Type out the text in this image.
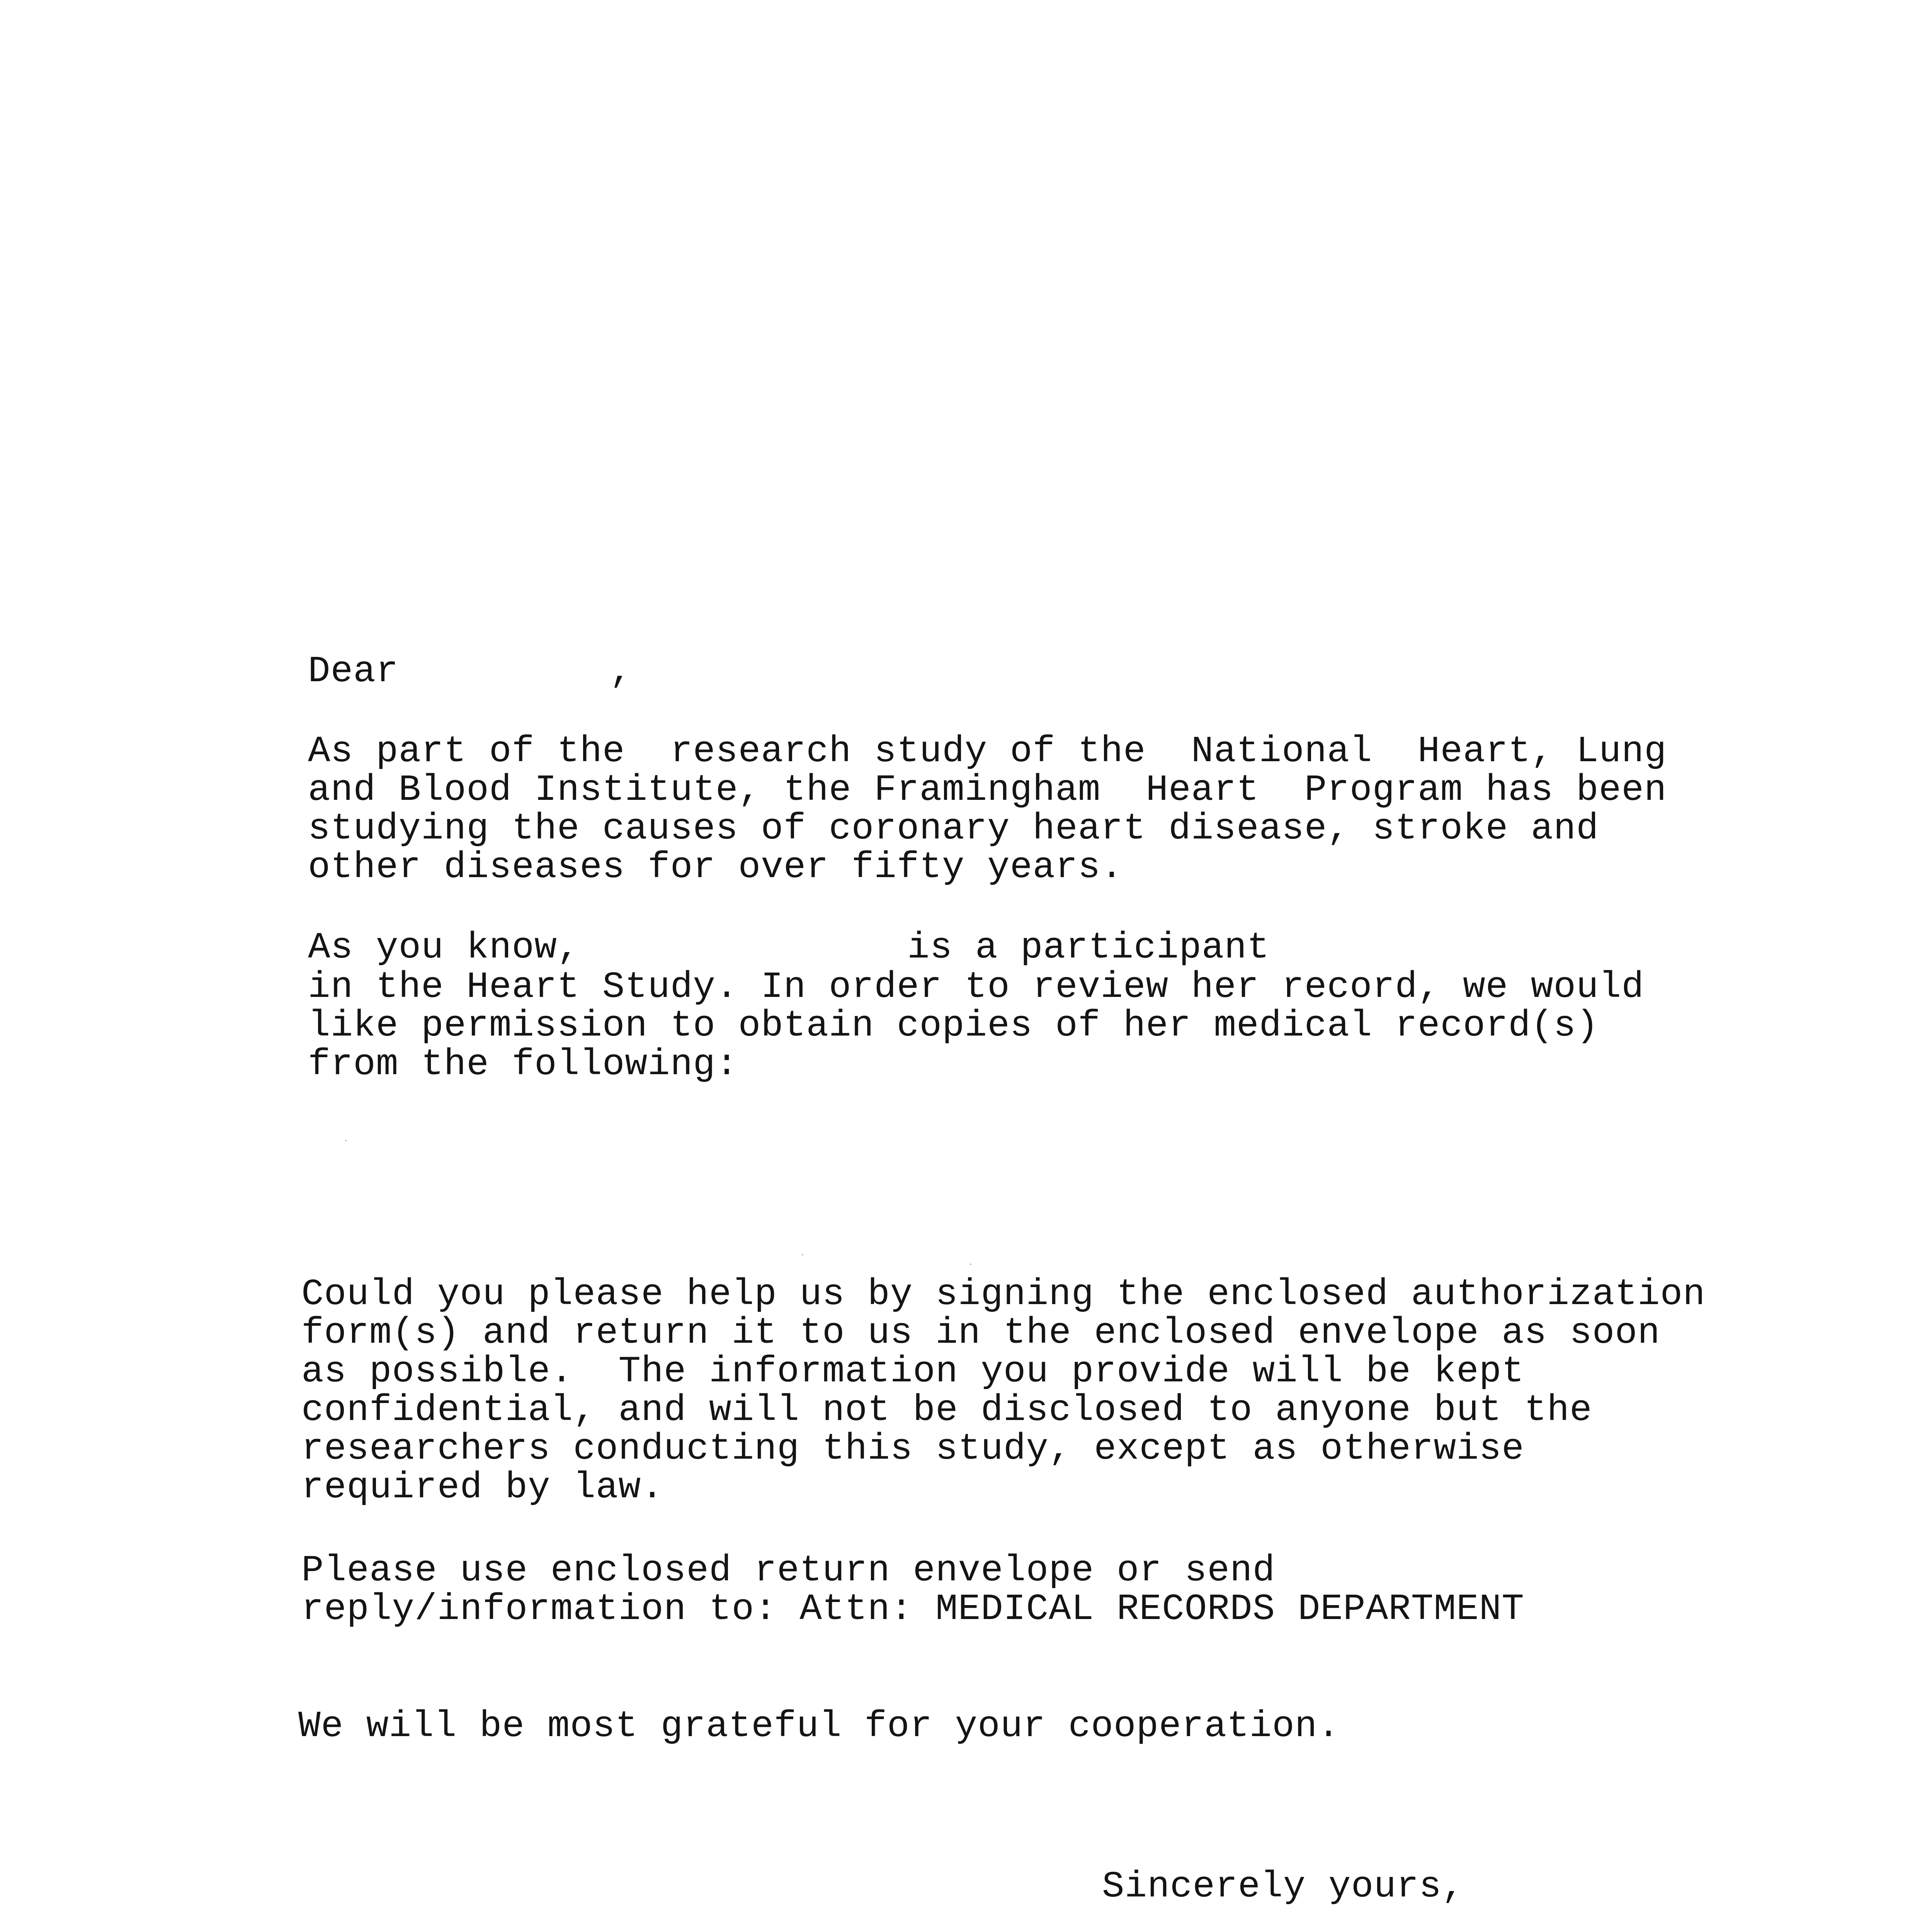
Dear	,
As part of the  research study of the  National  Heart, Lung
and Blood Institute, the Framingham  Heart  Program has been
studying the causes of coronary heart disease, stroke and
other diseases for over fifty years.
As you know,	is a participant
in the Heart Study. In order to review her record, we would
like permission to obtain copies of her medical record(s)
from the following:
Could you please help us by signing the enclosed authorization
form(s) and return it to us in the enclosed envelope as soon
as possible.  The information you provide will be kept
confidential, and will not be disclosed to anyone but the
researchers conducting this study, except as otherwise
required by law.
Please use enclosed return envelope or send
reply/information to: Attn: MEDICAL RECORDS DEPARTMENT
We will be most grateful for your cooperation.
Sincerely yours,
